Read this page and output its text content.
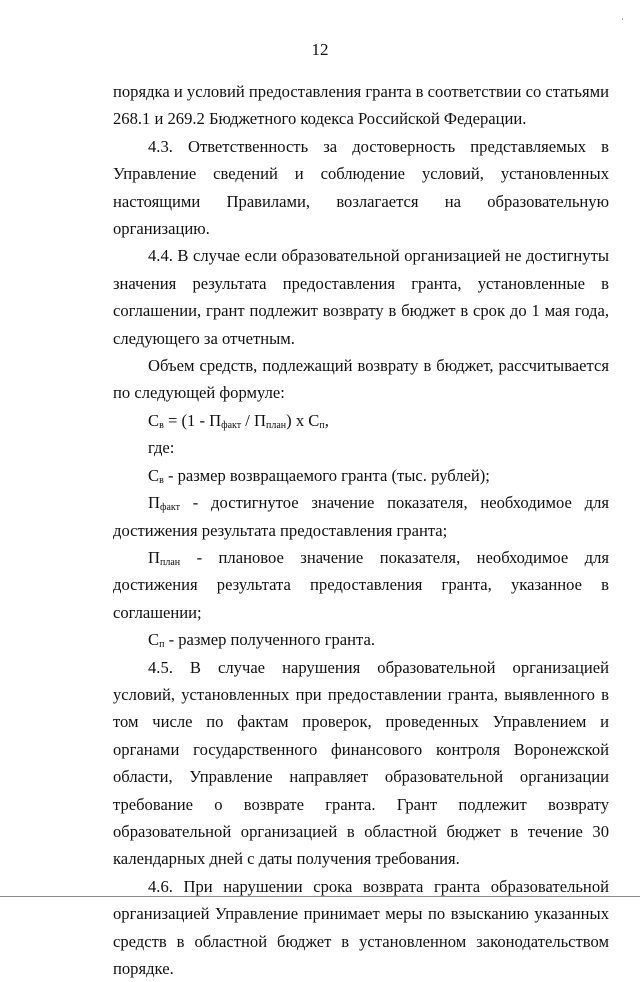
12

порядка и условий предоставления гранта в соответствии со статьями 268.1 и 269.2 Бюджетного кодекса Российской Федерации.

4.3. Ответственность за достоверность представляемых в Управление сведений и соблюдение условий, установленных настоящими Правилами, возлагается на образовательную организацию.

4.4. В случае если образовательной организацией не достигнуты значения результата предоставления гранта, установленные в соглашении, грант подлежит возврату в бюджет в срок до 1 мая года, следующего за отчетным.

Объем средств, подлежащий возврату в бюджет, рассчитывается по следующей формуле:

$С_в = (1 - П_{факт} / П_{план})$ х $С_п$,

где:

$С_в$ - размер возвращаемого гранта (тыс. рублей);

$П_{факт}$ - достигнутое значение показателя, необходимое для достижения результата предоставления гранта;

$П_{план}$ - плановое значение показателя, необходимое для достижения результата предоставления гранта, указанное в соглашении;

$С_п$ - размер полученного гранта.

4.5. В случае нарушения образовательной организацией условий, установленных при предоставлении гранта, выявленного в том числе по фактам проверок, проведенных Управлением и органами государственного финансового контроля Воронежской области, Управление направляет образовательной организации требование о возврате гранта. Грант подлежит возврату образовательной организацией в областной бюджет в течение 30 календарных дней с даты получения требования.

4.6. При нарушении срока возврата гранта образовательной организацией Управление принимает меры по взысканию указанных средств в областной бюджет в установленном законодательством порядке.
